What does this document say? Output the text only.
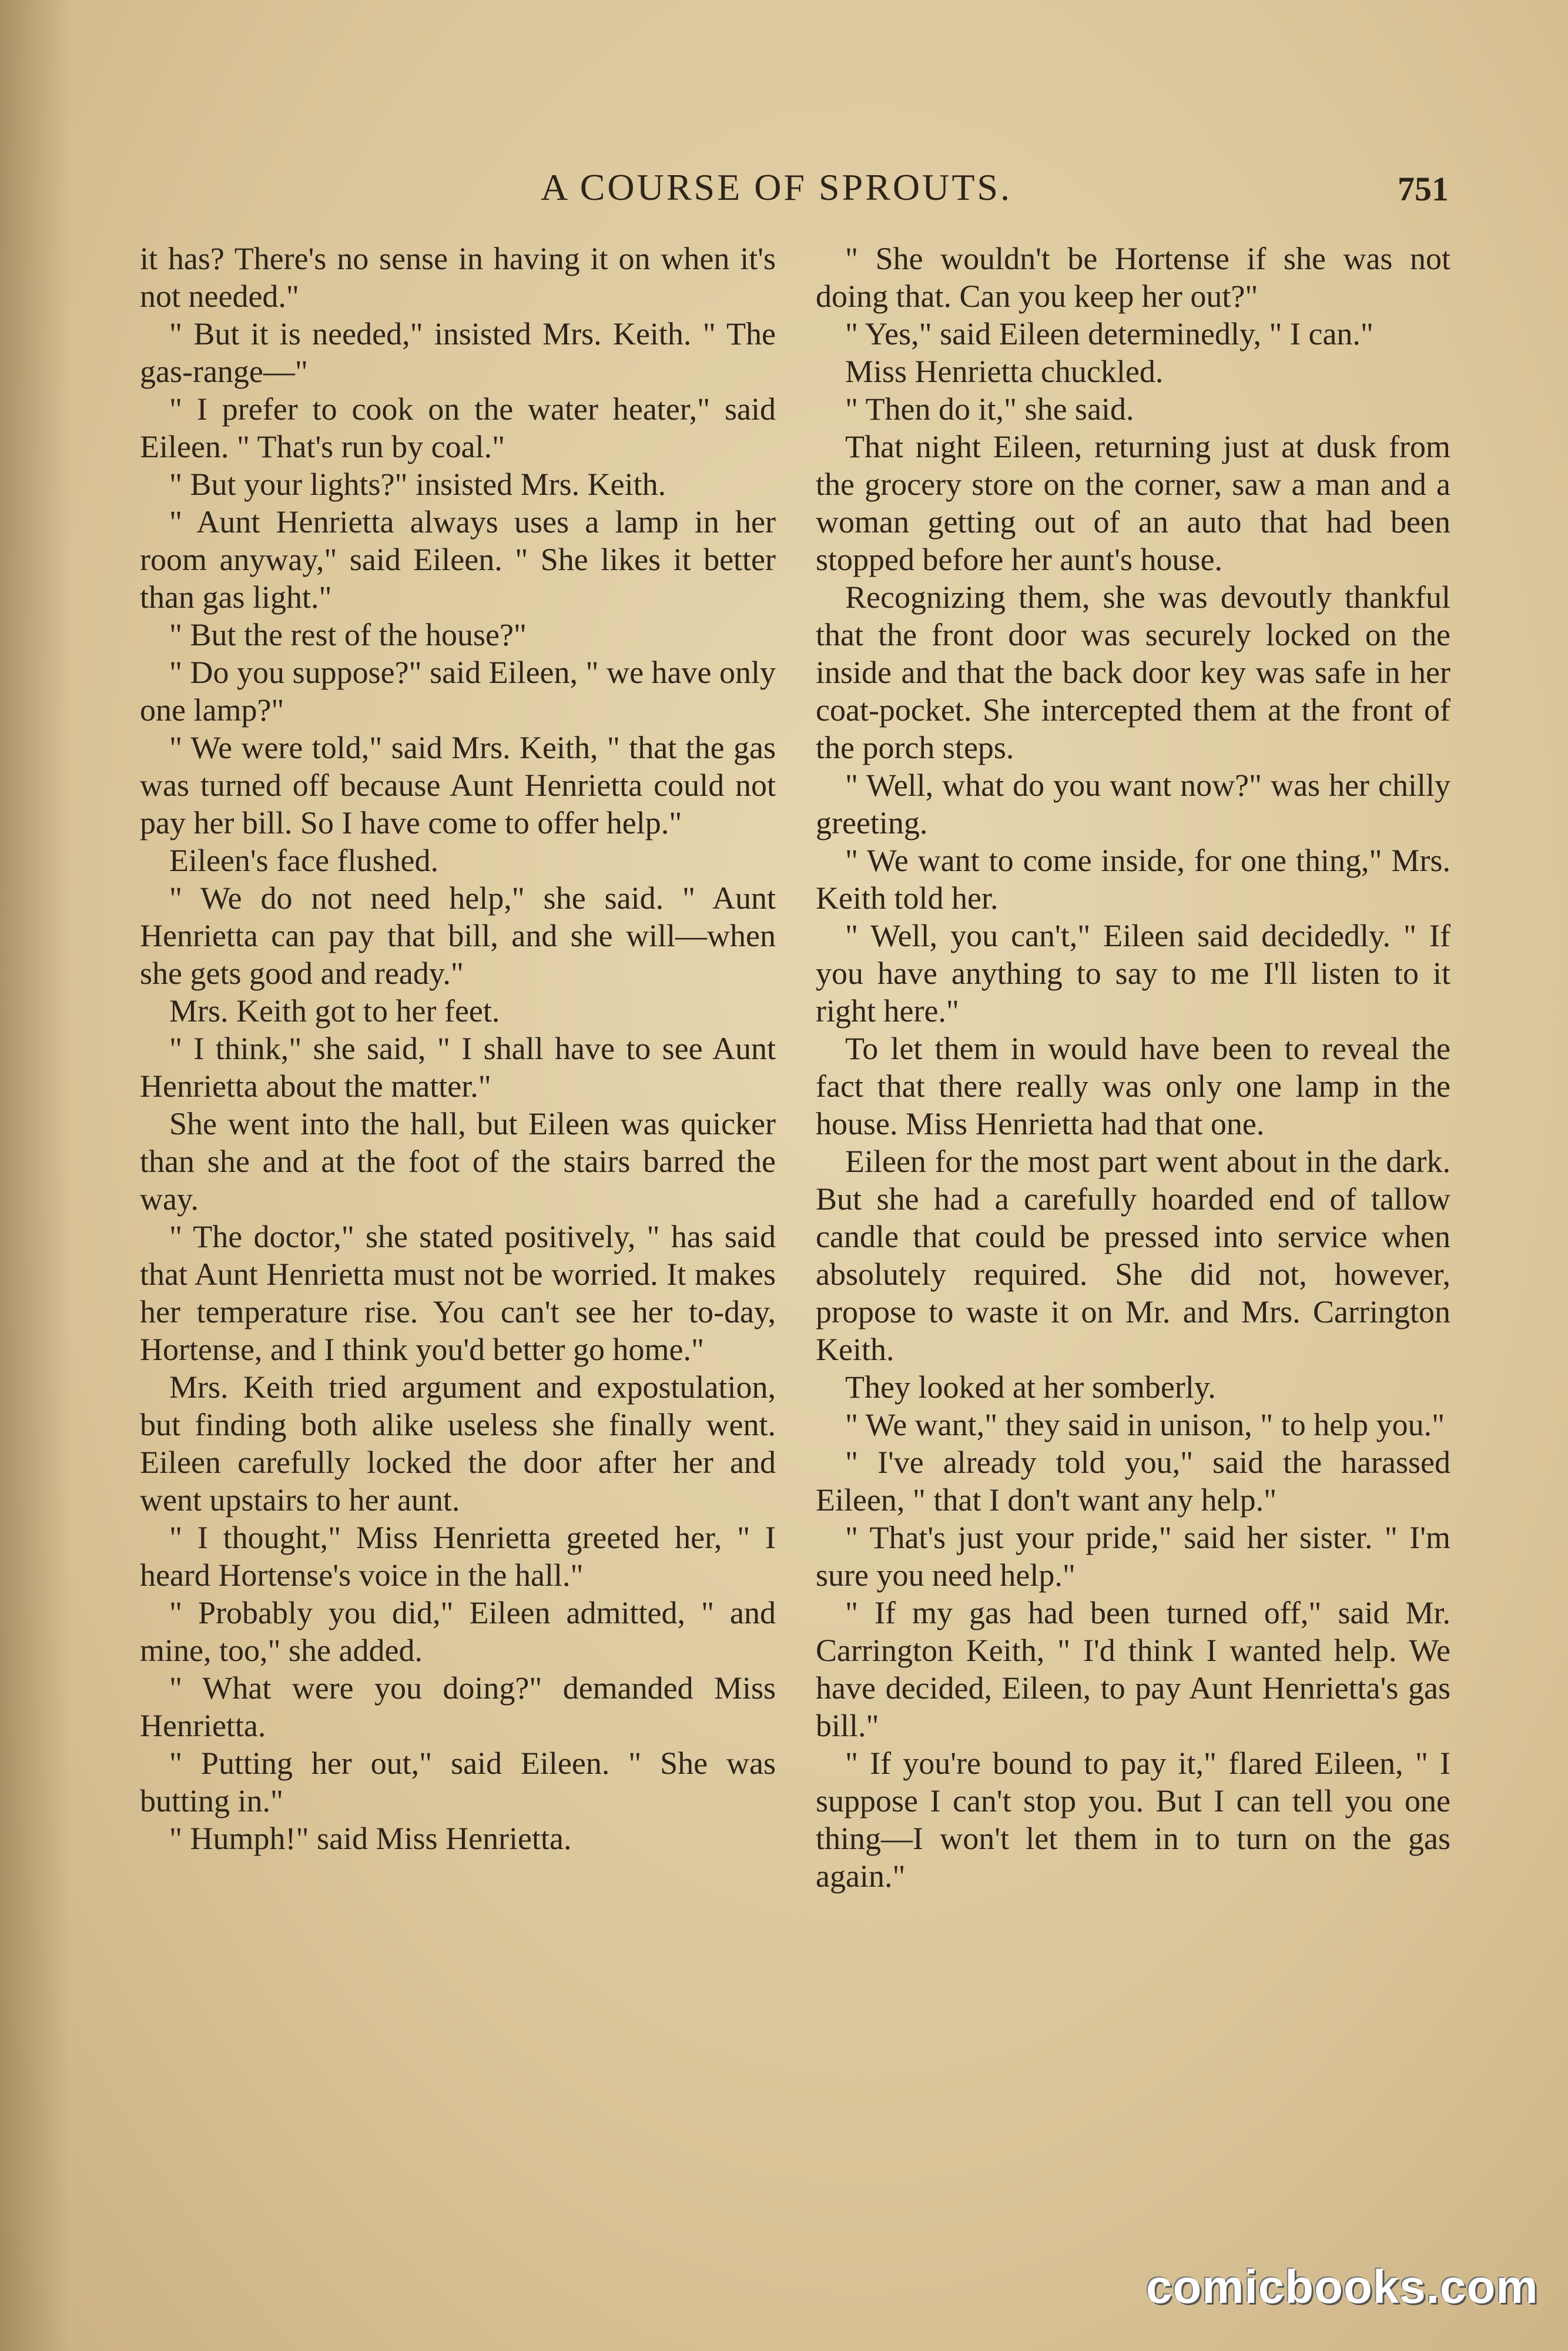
A COURSE OF SPROUTS.	751

it has? There's no sense in having it on when it's not needed."

" But it is needed," insisted Mrs. Keith. " The gas-range—"

" I prefer to cook on the water heater," said Eileen. " That's run by coal."

" But your lights?" insisted Mrs. Keith.

" Aunt Henrietta always uses a lamp in her room anyway," said Eileen. " She likes it better than gas light."

" But the rest of the house?"

" Do you suppose?" said Eileen, " we have only one lamp?"

" We were told," said Mrs. Keith, " that the gas was turned off because Aunt Henrietta could not pay her bill. So I have come to offer help."

Eileen's face flushed.

" We do not need help," she said. " Aunt Henrietta can pay that bill, and she will—when she gets good and ready."

Mrs. Keith got to her feet.

" I think," she said, " I shall have to see Aunt Henrietta about the matter."

She went into the hall, but Eileen was quicker than she and at the foot of the stairs barred the way.

" The doctor," she stated positively, " has said that Aunt Henrietta must not be worried. It makes her temperature rise. You can't see her to-day, Hortense, and I think you'd better go home."

Mrs. Keith tried argument and expostulation, but finding both alike useless she finally went. Eileen carefully locked the door after her and went upstairs to her aunt.

" I thought," Miss Henrietta greeted her, " I heard Hortense's voice in the hall."

" Probably you did," Eileen admitted, " and mine, too," she added.

" What were you doing?" demanded Miss Henrietta.

" Putting her out," said Eileen. " She was butting in."

" Humph!" said Miss Henrietta.

" She wouldn't be Hortense if she was not doing that. Can you keep her out?"

" Yes," said Eileen determinedly, " I can."

Miss Henrietta chuckled.

" Then do it," she said.

That night Eileen, returning just at dusk from the grocery store on the corner, saw a man and a woman getting out of an auto that had been stopped before her aunt's house.

Recognizing them, she was devoutly thankful that the front door was securely locked on the inside and that the back door key was safe in her coat-pocket. She intercepted them at the front of the porch steps.

" Well, what do you want now?" was her chilly greeting.

" We want to come inside, for one thing," Mrs. Keith told her.

" Well, you can't," Eileen said decidedly. " If you have anything to say to me I'll listen to it right here."

To let them in would have been to reveal the fact that there really was only one lamp in the house. Miss Henrietta had that one.

Eileen for the most part went about in the dark. But she had a carefully hoarded end of tallow candle that could be pressed into service when absolutely required. She did not, however, propose to waste it on Mr. and Mrs. Carrington Keith.

They looked at her somberly.

" We want," they said in unison, " to help you."

" I've already told you," said the harassed Eileen, " that I don't want any help."

" That's just your pride," said her sister. " I'm sure you need help."

" If my gas had been turned off," said Mr. Carrington Keith, " I'd think I wanted help. We have decided, Eileen, to pay Aunt Henrietta's gas bill."

" If you're bound to pay it," flared Eileen, " I suppose I can't stop you. But I can tell you one thing—I won't let them in to turn on the gas again."

comicbooks.com
